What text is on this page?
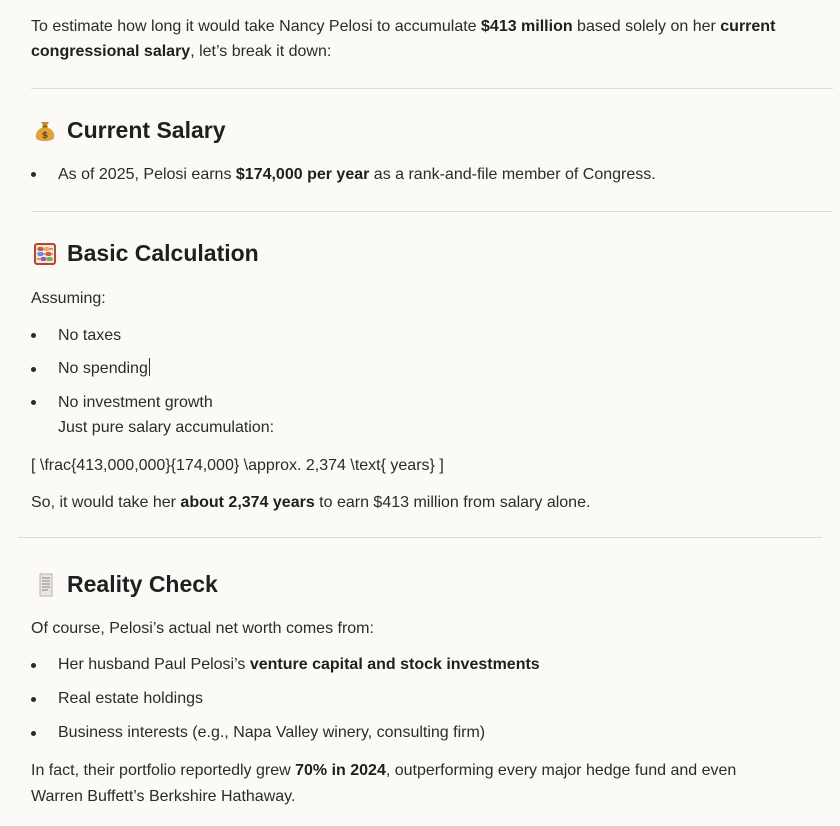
To estimate how long it would take Nancy Pelosi to accumulate $413 million based solely on her current
congressional salary, let’s break it down:
$ Current Salary
As of 2025, Pelosi earns $174,000 per year as a rank-and-file member of Congress.
Basic Calculation
Assuming:
No taxes
No spending
No investment growth
Just pure salary accumulation:
[ \frac{413,000,000}{174,000} \approx. 2,374 \text{ years} ]
So, it would take her about 2,374 years to earn $413 million from salary alone.
Reality Check
Of course, Pelosi’s actual net worth comes from:
Her husband Paul Pelosi’s venture capital and stock investments
Real estate holdings
Business interests (e.g., Napa Valley winery, consulting firm)
In fact, their portfolio reportedly grew 70% in 2024, outperforming every major hedge fund and even
Warren Buffett’s Berkshire Hathaway.
